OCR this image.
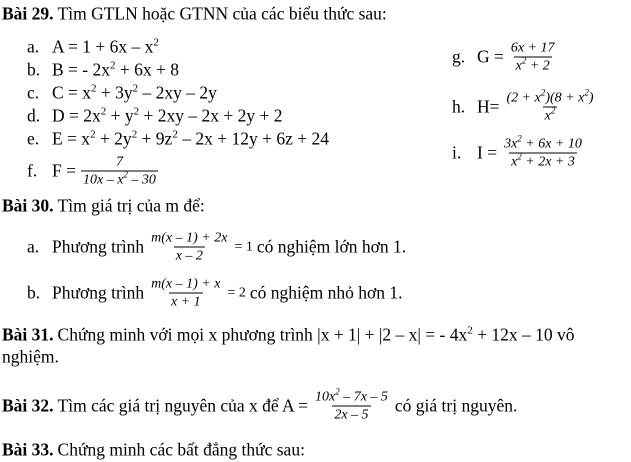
Bài 29. Tìm GTLN hoặc GTNN của các biểu thức sau:
a. $A = 1 + 6x - x^2$
b. B = - $2x^2 + 6x + 8$
c. $C = x^2 + 3y^2 - 2xy - 2y$
d. $D = 2x^2 + y^2 + 2xy - 2x + 2y + 2$
e. $E = x^2 + 2y^2 + 9z^2 - 2x + 12y + 6z + 24$
f. $F = \frac{7}{10x - x^2 - 30}$
g. $G = \frac{6x + 17}{x^2 + 2}$
h. $H= \frac{(2 + x^2)(8 + x^2)}{x^2}$
i. $I = \frac{3x^2 + 6x + 10}{x^2 + 2x + 3}$
Bài 30. Tìm giá trị của m để:
a. Phương trình $\frac{m(x - 1) + 2x}{x - 2} = 1$ có nghiệm lớn hơn 1.
b. Phương trình $\frac{m(x - 1) + x}{x + 1} = 2$ có nghiệm nhỏ hơn 1.
Bài 31. Chứng minh với mọi x phương trình |x + 1| + |2 – x| = - $4x^2 + 12x - 10$ vô
nghiệm.
Bài 32. Tìm các giá trị nguyên của x để $A = \frac{10x^2 - 7x - 5}{2x - 5}$ có giá trị nguyên.
Bài 33. Chứng minh các bất đẳng thức sau:
